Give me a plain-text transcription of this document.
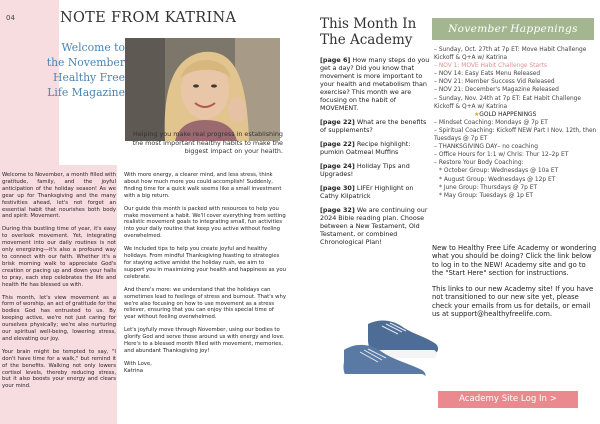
04	NOTE FROM KATRINA
Welcome to the November Healthy Free Life Magazine
Helping you make real progress in establishing the most important healthy habits to make the biggest impact on your health.

Welcome to November, a month filled with gratitude, family, and the joyful anticipation of the holiday season! As we gear up for Thanksgiving and the many festivities ahead, let's not forget an essential habit that nourishes both body and spirit: Movement.

During this bustling time of year, it's easy to overlook movement. Yet, integrating movement into our daily routines is not only energizing—it's also a profound way to connect with our faith. Whether it's a brisk morning walk to appreciate God's creation or pacing up and down your halls to pray, each step celebrates the life and health He has blessed us with.

This month, let's view movement as a form of worship, an act of gratitude for the bodies God has entrusted to us. By keeping active, we're not just caring for ourselves physically; we're also nurturing our spiritual well-being, lowering stress, and elevating our joy.

Your brain might be tempted to say, "I don't have time for a walk," but remind it of the benefits. Walking not only lowers cortisol levels, thereby reducing stress, but it also boosts your energy and clears your mind.

With more energy, a clearer mind, and less stress, think about how much more you could accomplish! Suddenly, finding time for a quick walk seems like a small investment with a big return.

Our guide this month is packed with resources to help you make movement a habit. We'll cover everything from setting realistic movement goals to integrating small, fun activities into your daily routine that keep you active without feeling overwhelmed.

We included tips to help you create joyful and healthy holidays. From mindful Thanksgiving feasting to strategies for staying active amidst the holiday rush, we aim to support you in maximizing your health and happiness as you celebrate.

And there's more: we understand that the holidays can sometimes lead to feelings of stress and burnout. That's why we're also focusing on how to use movement as a stress reliever, ensuring that you can enjoy this special time of year without feeling overwhelmed.

Let's joyfully move through November, using our bodies to glorify God and serve those around us with energy and love. Here's to a blessed month filled with movement, memories, and abundant Thanksgiving joy!

With Love,
Katrina

This Month In The Academy
[page 6] How many steps do you get a day? Did you know that movement is more important to your health and metabolism than exercise? This month we are focusing on the habit of MOVEMENT.
[page 22] What are the benefits of supplements?
[page 22] Recipe highlight: pumkin Oatmeal Muffins
[page 24] Holiday Tips and Upgrades!
[page 30] LIFEr Highlight on Cathy Kilpatrick
[page 32] We are continuing our 2024 Bible reading plan. Choose between a New Testament, Old Testament, or combined Chronological Plan!
November Happenings
– Sunday, Oct. 27th at 7p ET: Move Habit Challenge Kickoff & Q+A w/ Katrina
– NOV 1: MOVE Habit Challenge Starts
– NOV 14: Easy Eats Menu Released
– NOV 21: Member Success Vid Released
– NOV 21: December's Magazine Released
– Sunday, Nov. 24th at 7p ET: Eat Habit Challenge Kickoff & Q+A w/ Katrina
★GOLD HAPPENINGS
– Mindset Coaching: Mondays @ 7p ET
– Spiritual Coaching: Kickoff NEW Part I Nov. 12th, then Tuesdays @ 7p ET
– THANKSGIVING DAY– no coaching
– Office Hours for 1:1 w/ Chris: Thur 12–2p ET
– Restore Your Body Coaching:
* October Group: Wednesdays @ 10a ET
* August Group: Wednesdays @ 12p ET
* June Group: Thursdays @ 7p ET
* May Group: Tuesdays @ 1p ET

New to Healthy Free Life Academy or wondering what you should be doing? Click the link below to log in to the NEW! Academy site and go to the "Start Here" section for instructions.

This links to our new Academy site! If you have not transitioned to our new site yet, please check your emails from us for details, or email us at support@healthyfreelife.com.

Academy Site Log In >
